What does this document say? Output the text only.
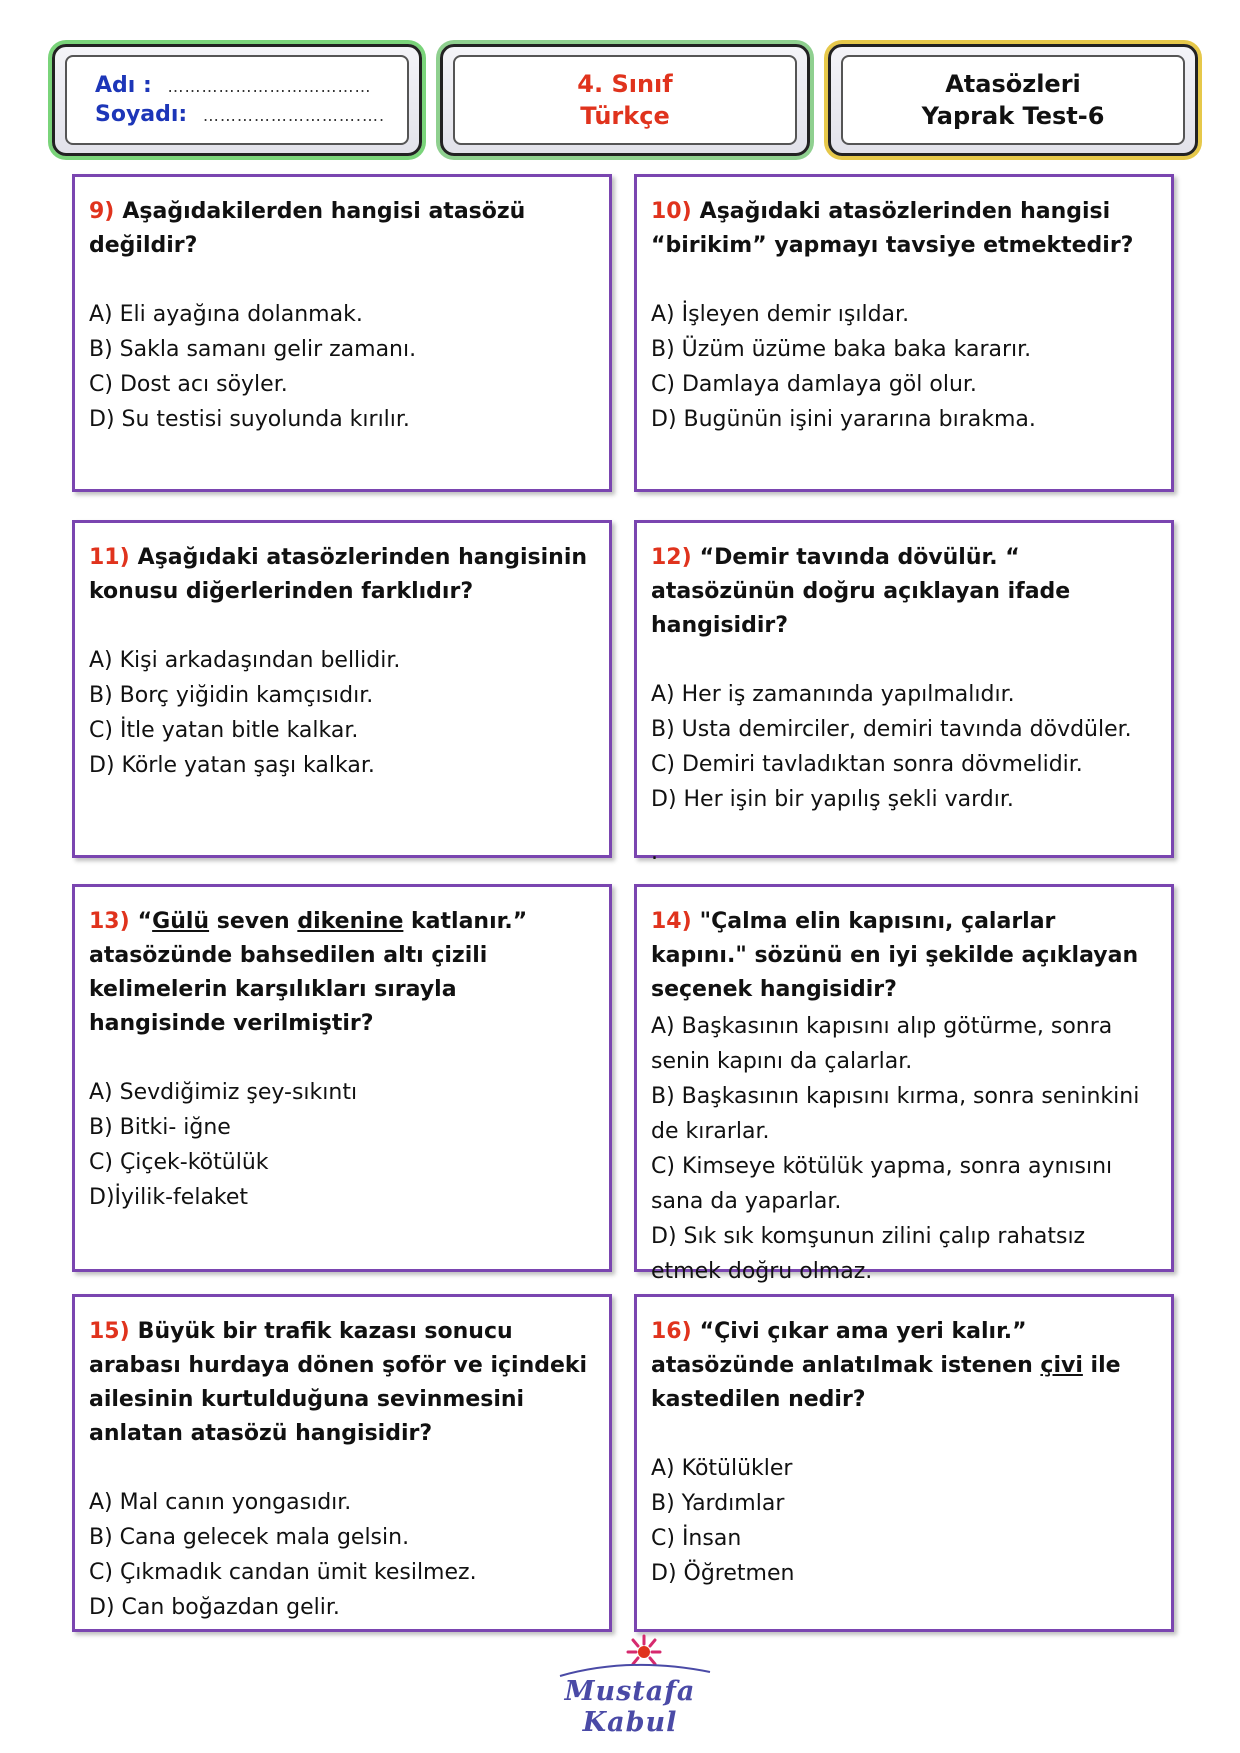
Adı : ………………………………
Soyadı: ……………………….….
4. Sınıf
Türkçe
Atasözleri
Yaprak Test-6

9) Aşağıdakilerden hangisi atasözü değildir?

A) Eli ayağına dolanmak.
B) Sakla samanı gelir zamanı.
C) Dost acı söyler.
D) Su testisi suyolunda kırılır.

10) Aşağıdaki atasözlerinden hangisi “birikim” yapmayı tavsiye etmektedir?

A) İşleyen demir ışıldar.
B) Üzüm üzüme baka baka kararır.
C) Damlaya damlaya göl olur.
D) Bugünün işini yararına bırakma.

11) Aşağıdaki atasözlerinden hangisinin konusu diğerlerinden farklıdır?

A) Kişi arkadaşından bellidir.
B) Borç yiğidin kamçısıdır.
C) İtle yatan bitle kalkar.
D) Körle yatan şaşı kalkar.

12) “Demir tavında dövülür. “ atasözünün doğru açıklayan ifade hangisidir?

A) Her iş zamanında yapılmalıdır.
B) Usta demirciler, demiri tavında dövdüler.
C) Demiri tavladıktan sonra dövmelidir.
D) Her işin bir yapılış şekli vardır.
.

13) “Gülü seven dikenine katlanır.” atasözünde bahsedilen altı çizili kelimelerin karşılıkları sırayla hangisinde verilmiştir?

A) Sevdiğimiz şey-sıkıntı
B) Bitki- iğne
C) Çiçek-kötülük
D)İyilik-felaket

14) "Çalma elin kapısını, çalarlar kapını." sözünü en iyi şekilde açıklayan seçenek hangisidir?

A) Başkasının kapısını alıp götürme, sonra senin kapını da çalarlar.
B) Başkasının kapısını kırma, sonra seninkini de kırarlar.
C) Kimseye kötülük yapma, sonra aynısını sana da yaparlar.
D) Sık sık komşunun zilini çalıp rahatsız etmek doğru olmaz.

15) Büyük bir trafik kazası sonucu arabası hurdaya dönen şoför ve içindeki ailesinin kurtulduğuna sevinmesini anlatan atasözü hangisidir?

A) Mal canın yongasıdır.
B) Cana gelecek mala gelsin.
C) Çıkmadık candan ümit kesilmez.
D) Can boğazdan gelir.

16) “Çivi çıkar ama yeri kalır.” atasözünde anlatılmak istenen çivi ile kastedilen nedir?

A) Kötülükler
B) Yardımlar
C) İnsan
D) Öğretmen

Mustafa Kabul
